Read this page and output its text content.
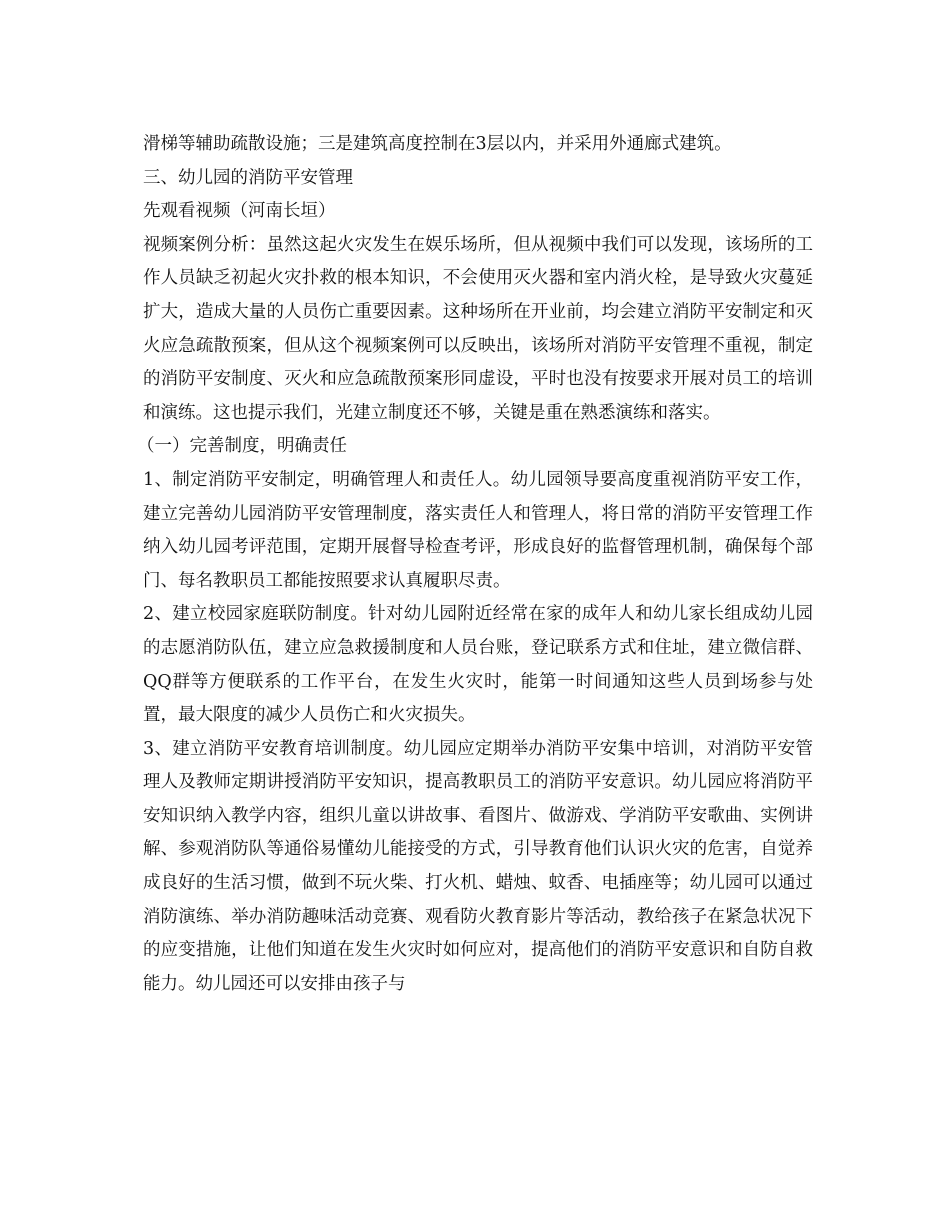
滑梯等辅助疏散设施；三是建筑高度控制在3层以内，并采用外通廊式建筑。

三、幼儿园的消防平安管理

先观看视频（河南长垣）

视频案例分析：虽然这起火灾发生在娱乐场所，但从视频中我们可以发现，该场所的工作人员缺乏初起火灾扑救的根本知识，不会使用灭火器和室内消火栓，是导致火灾蔓延扩大，造成大量的人员伤亡重要因素。这种场所在开业前，均会建立消防平安制定和灭火应急疏散预案，但从这个视频案例可以反映出，该场所对消防平安管理不重视，制定的消防平安制度、灭火和应急疏散预案形同虚设，平时也没有按要求开展对员工的培训和演练。这也提示我们，光建立制度还不够，关键是重在熟悉演练和落实。

（一）完善制度，明确责任

1、制定消防平安制定，明确管理人和责任人。幼儿园领导要高度重视消防平安工作，建立完善幼儿园消防平安管理制度，落实责任人和管理人，将日常的消防平安管理工作纳入幼儿园考评范围，定期开展督导检查考评，形成良好的监督管理机制，确保每个部门、每名教职员工都能按照要求认真履职尽责。

2、建立校园家庭联防制度。针对幼儿园附近经常在家的成年人和幼儿家长组成幼儿园的志愿消防队伍，建立应急救援制度和人员台账，登记联系方式和住址，建立微信群、QQ群等方便联系的工作平台，在发生火灾时，能第一时间通知这些人员到场参与处置，最大限度的减少人员伤亡和火灾损失。

3、建立消防平安教育培训制度。幼儿园应定期举办消防平安集中培训，对消防平安管理人及教师定期讲授消防平安知识，提高教职员工的消防平安意识。幼儿园应将消防平安知识纳入教学内容，组织儿童以讲故事、看图片、做游戏、学消防平安歌曲、实例讲解、参观消防队等通俗易懂幼儿能接受的方式，引导教育他们认识火灾的危害，自觉养成良好的生活习惯，做到不玩火柴、打火机、蜡烛、蚊香、电插座等；幼儿园可以通过消防演练、举办消防趣味活动竞赛、观看防火教育影片等活动，教给孩子在紧急状况下的应变措施，让他们知道在发生火灾时如何应对，提高他们的消防平安意识和自防自救能力。幼儿园还可以安排由孩子与
